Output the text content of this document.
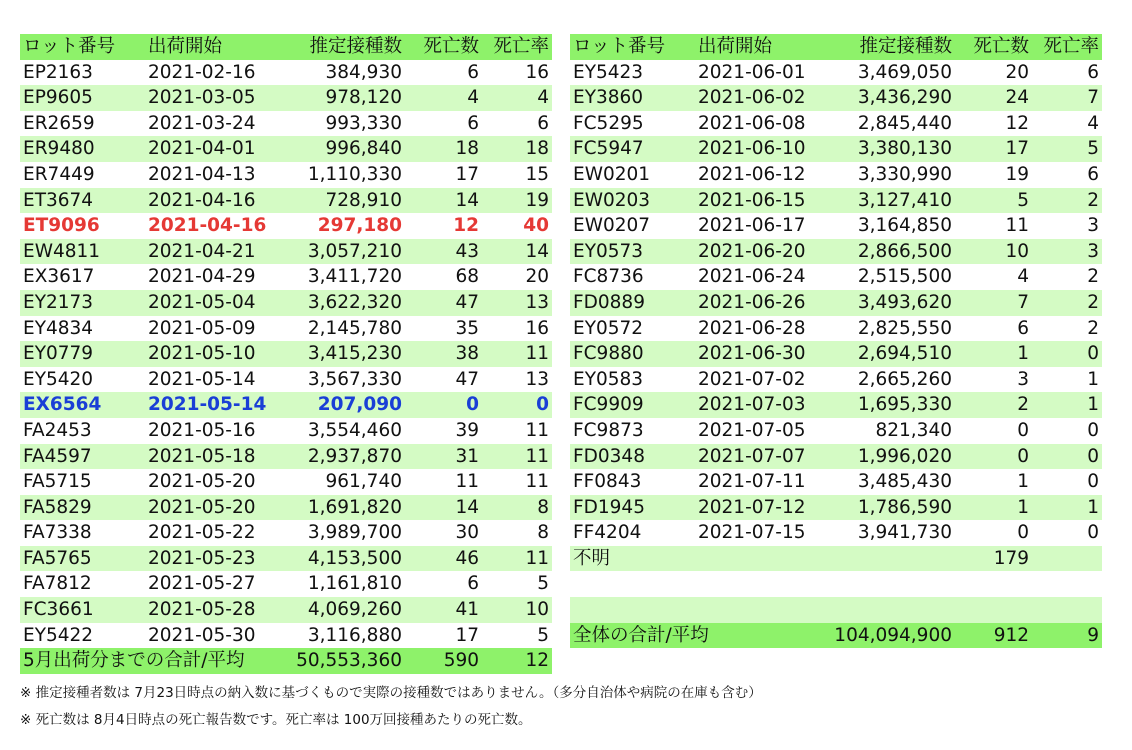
ロット番号	出荷開始	推定接種数	死亡数	死亡率
EP2163	2021-02-16	384,930	6	16
EP9605	2021-03-05	978,120	4	4
ER2659	2021-03-24	993,330	6	6
ER9480	2021-04-01	996,840	18	18
ER7449	2021-04-13	1,110,330	17	15
ET3674	2021-04-16	728,910	14	19
ET9096	2021-04-16	297,180	12	40
EW4811	2021-04-21	3,057,210	43	14
EX3617	2021-04-29	3,411,720	68	20
EY2173	2021-05-04	3,622,320	47	13
EY4834	2021-05-09	2,145,780	35	16
EY0779	2021-05-10	3,415,230	38	11
EY5420	2021-05-14	3,567,330	47	13
EX6564	2021-05-14	207,090	0	0
FA2453	2021-05-16	3,554,460	39	11
FA4597	2021-05-18	2,937,870	31	11
FA5715	2021-05-20	961,740	11	11
FA5829	2021-05-20	1,691,820	14	8
FA7338	2021-05-22	3,989,700	30	8
FA5765	2021-05-23	4,153,500	46	11
FA7812	2021-05-27	1,161,810	6	5
FC3661	2021-05-28	4,069,260	41	10
EY5422	2021-05-30	3,116,880	17	5
5月出荷分までの合計/平均		50,553,360	590	12
ロット番号	出荷開始	推定接種数	死亡数	死亡率
EY5423	2021-06-01	3,469,050	20	6
EY3860	2021-06-02	3,436,290	24	7
FC5295	2021-06-08	2,845,440	12	4
FC5947	2021-06-10	3,380,130	17	5
EW0201	2021-06-12	3,330,990	19	6
EW0203	2021-06-15	3,127,410	5	2
EW0207	2021-06-17	3,164,850	11	3
EY0573	2021-06-20	2,866,500	10	3
FC8736	2021-06-24	2,515,500	4	2
FD0889	2021-06-26	3,493,620	7	2
EY0572	2021-06-28	2,825,550	6	2
FC9880	2021-06-30	2,694,510	1	0
EY0583	2021-07-02	2,665,260	3	1
FC9909	2021-07-03	1,695,330	2	1
FC9873	2021-07-05	821,340	0	0
FD0348	2021-07-07	1,996,020	0	0
FF0843	2021-07-11	3,485,430	1	0
FD1945	2021-07-12	1,786,590	1	1
FF4204	2021-07-15	3,941,730	0	0
不明			179	

全体の合計/平均		104,094,900	912	9
※ 推定接種者数は 7月23日時点の納入数に基づくもので実際の接種数ではありません。（多分自治体や病院の在庫も含む）
※ 死亡数は 8月4日時点の死亡報告数です。死亡率は 100万回接種あたりの死亡数。
